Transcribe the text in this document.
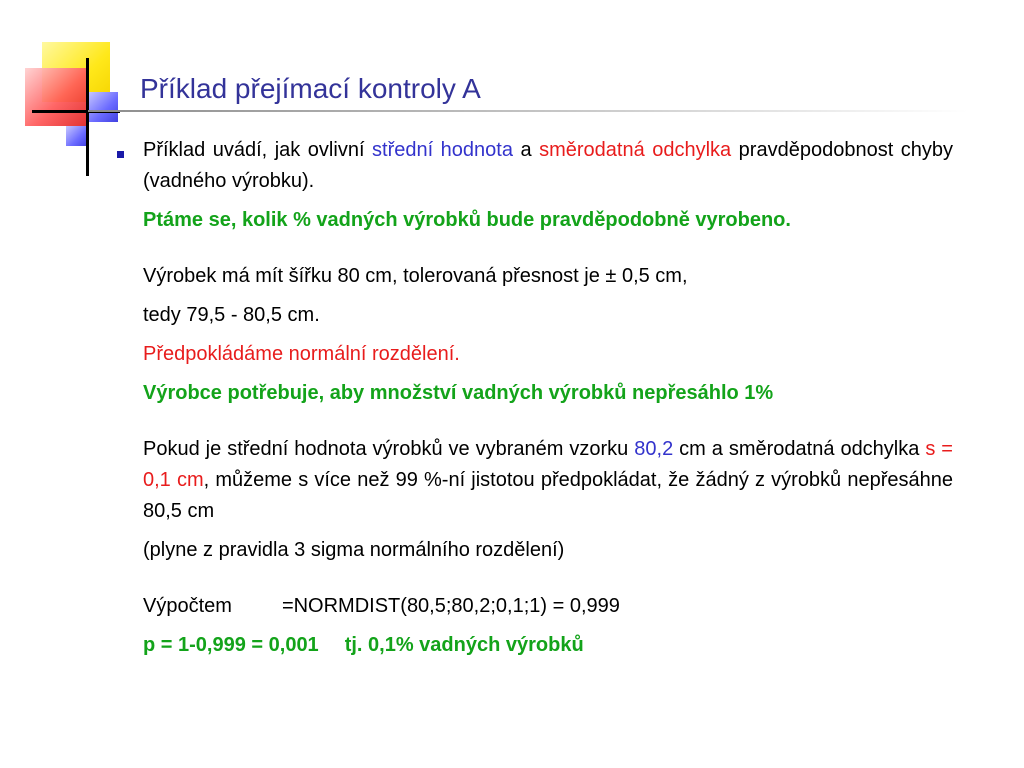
Příklad přejímací kontroly A

Příklad uvádí, jak ovlivní střední hodnota a směrodatná odchylka pravděpodobnost chyby (vadného výrobku).

Ptáme se, kolik % vadných výrobků bude pravděpodobně vyrobeno.

Výrobek má mít šířku 80 cm, tolerovaná přesnost je ± 0,5 cm,

tedy 79,5 - 80,5 cm.

Předpokládáme normální rozdělení.

Výrobce potřebuje, aby množství vadných výrobků nepřesáhlo 1%

Pokud je střední hodnota výrobků ve vybraném vzorku 80,2 cm a směrodatná odchylka s = 0,1 cm, můžeme s více než 99 %-ní jistotou předpokládat, že žádný z výrobků nepřesáhne 80,5 cm

(plyne z pravidla 3 sigma normálního rozdělení)

Výpočtem	=NORMDIST(80,5;80,2;0,1;1) = 0,999

p = 1-0,999 = 0,001 tj. 0,1% vadných výrobků
